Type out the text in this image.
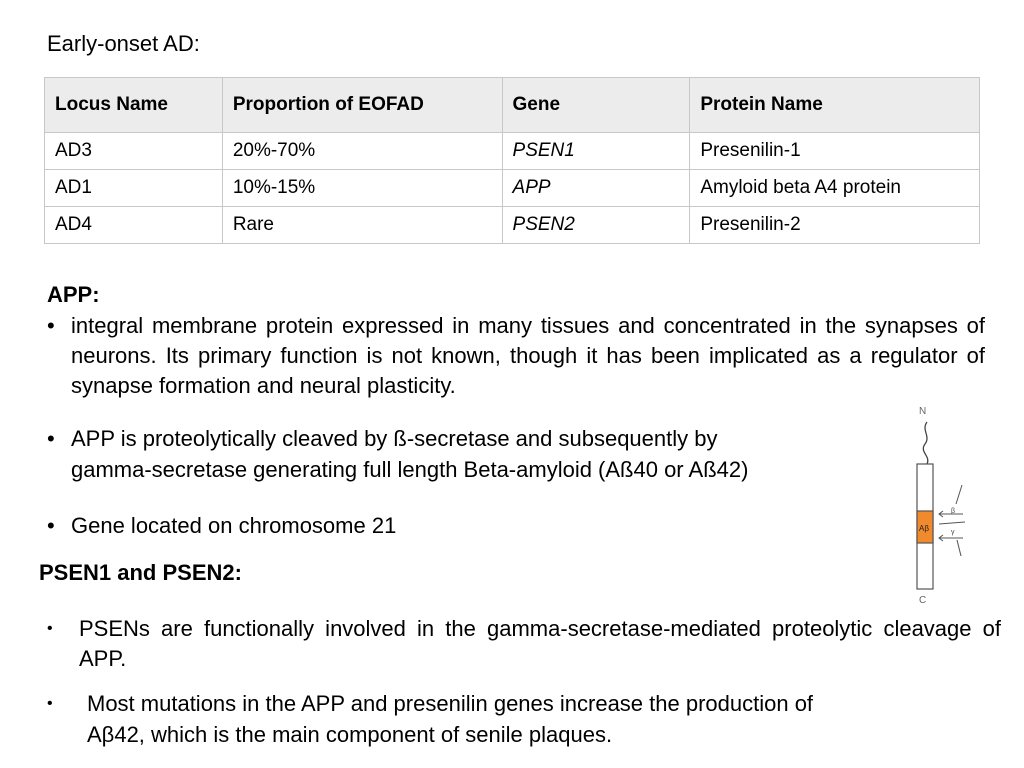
Early-onset AD:
Locus Name	Proportion of EOFAD	Gene	Protein Name
AD3	20%-70%	PSEN1	Presenilin-1
AD1	10%-15%	APP	Amyloid beta A4 protein
AD4	Rare	PSEN2	Presenilin-2
APP:
• integral membrane protein expressed in many tissues and concentrated in the synapses of neurons. Its primary function is not known, though it has been implicated as a regulator of synapse formation and neural plasticity.
• APP is proteolytically cleaved by ß-secretase and subsequently by
gamma-secretase generating full length Beta-amyloid (Aß40 or Aß42)
• Gene located on chromosome 21
PSEN1 and PSEN2:
• PSENs are functionally involved in the gamma-secretase-mediated proteolytic cleavage of APP.
• Most mutations in the APP and presenilin genes increase the production of
Aβ42, which is the main component of senile plaques.
N
Aβ
β
γ
C
